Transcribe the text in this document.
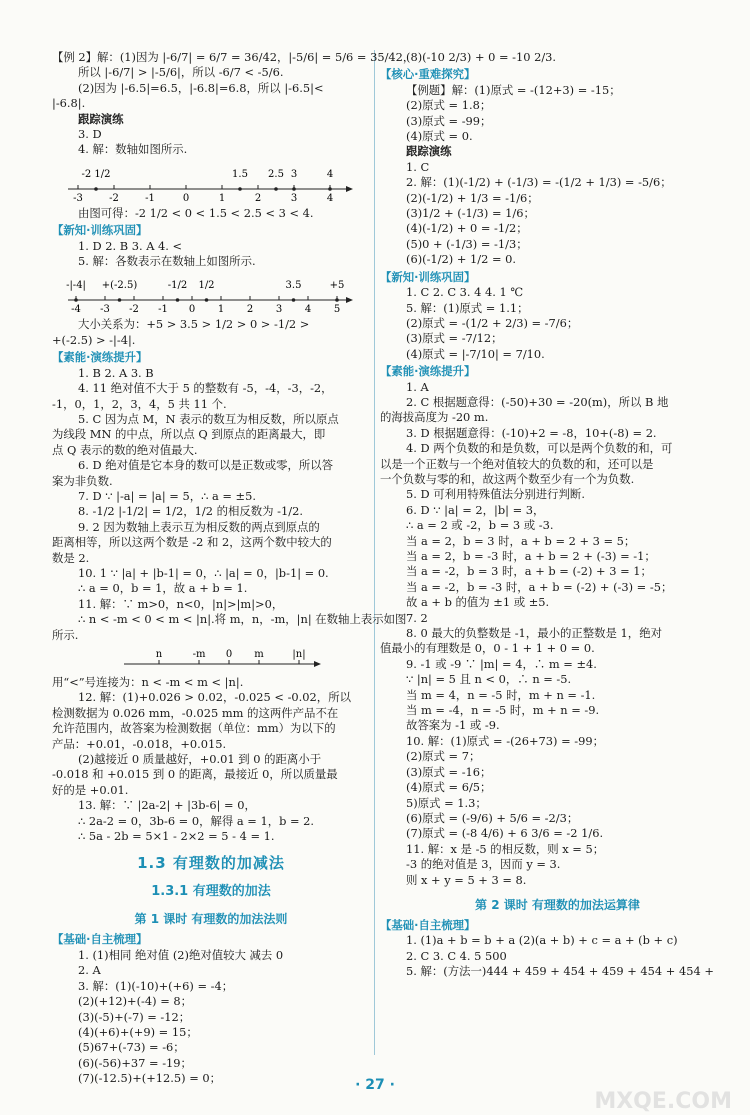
【例 2】解：(1)因为 |-6/7| = 6/7 = 36/42，|-5/6| = 5/6 = 35/42，
所以 |-6/7| > |-5/6|，所以 -6/7 < -5/6.
(2)因为 |-6.5|=6.5，|-6.8|=6.8，所以 |-6.5|<
|-6.8|.
跟踪演练
3. D
4. 解：数轴如图所示.
-3	-2	-1	0	1	2	3	4
-2 1/2	1.5 2.5 3	4
由图可得：-2 1/2 < 0 < 1.5 < 2.5 < 3 < 4.
【新知·训练巩固】
1. D 2. B 3. A 4. <
5. 解：各数表示在数轴上如图所示.
-4 -3 -2 -1 0 1 2 3 4 5
-|-4| +(-2.5)	-1/2 1/2	3.5	+5
大小关系为：+5 > 3.5 > 1/2 > 0 > -1/2 >
+(-2.5) > -|-4|.
【素能·演练提升】
1. B 2. A 3. B
4. 11 绝对值不大于 5 的整数有 -5，-4，-3，-2，
-1，0，1，2，3，4，5 共 11 个.
5. C 因为点 M，N 表示的数互为相反数，所以原点
为线段 MN 的中点，所以点 Q 到原点的距离最大，即
点 Q 表示的数的绝对值最大.
6. D 绝对值是它本身的数可以是正数或零，所以答
案为非负数.
7. D ∵ |-a| = |a| = 5，∴ a = ±5.
8. -1/2 |-1/2| = 1/2，1/2 的相反数为 -1/2.
9. 2 因为数轴上表示互为相反数的两点到原点的
距离相等，所以这两个数是 -2 和 2，这两个数中较大的
数是 2.
10. 1 ∵ |a| + |b-1| = 0，∴ |a| = 0，|b-1| = 0.
∴ a = 0，b = 1，故 a + b = 1.
11. 解：∵ m>0，n<0，|n|>|m|>0，
∴ n < -m < 0 < m < |n|.将 m，n，-m，|n| 在数轴上表示如图
所示.
n	-m 0 m	|n|
用“<”号连接为：n < -m < m < |n|.
12. 解：(1)+0.026 > 0.02，-0.025 < -0.02，所以
检测数据为 0.026 mm，-0.025 mm 的这两件产品不在
允许范围内，故答案为检测数据（单位：mm）为以下的
产品：+0.01，-0.018，+0.015.
(2)越接近 0 质量越好，+0.01 到 0 的距离小于
-0.018 和 +0.015 到 0 的距离，最接近 0，所以质量最
好的是 +0.01.
13. 解：∵ |2a-2| + |3b-6| = 0，
∴ 2a-2 = 0，3b-6 = 0，解得 a = 1，b = 2.
∴ 5a - 2b = 5×1 - 2×2 = 5 - 4 = 1.
1.3 有理数的加减法
1.3.1 有理数的加法
第 1 课时 有理数的加法法则
【基础·自主梳理】
1. (1)相同 绝对值 (2)绝对值较大 减去 0
2. A
3. 解：(1)(-10)+(+6) = -4；
(2)(+12)+(-4) = 8；
(3)(-5)+(-7) = -12；
(4)(+6)+(+9) = 15；
(5)67+(-73) = -6；
(6)(-56)+37 = -19；
(7)(-12.5)+(+12.5) = 0；
(8)(-10 2/3) + 0 = -10 2/3.
【核心·重难探究】
【例题】解：(1)原式 = -(12+3) = -15；
(2)原式 = 1.8；
(3)原式 = -99；
(4)原式 = 0.
跟踪演练
1. C
2. 解：(1)(-1/2) + (-1/3) = -(1/2 + 1/3) = -5/6；
(2)(-1/2) + 1/3 = -1/6；
(3)1/2 + (-1/3) = 1/6；
(4)(-1/2) + 0 = -1/2；
(5)0 + (-1/3) = -1/3；
(6)(-1/2) + 1/2 = 0.
【新知·训练巩固】
1. C 2. C 3. 4 4. 1 ℃
5. 解：(1)原式 = 1.1；
(2)原式 = -(1/2 + 2/3) = -7/6；
(3)原式 = -7/12；
(4)原式 = |-7/10| = 7/10.
【素能·演练提升】
1. A
2. C 根据题意得：(-50)+30 = -20(m)，所以 B 地
的海拔高度为 -20 m.
3. D 根据题意得：(-10)+2 = -8，10+(-8) = 2.
4. D 两个负数的和是负数，可以是两个负数的和，可
以是一个正数与一个绝对值较大的负数的和，还可以是
一个负数与零的和，故这两个数至少有一个为负数.
5. D 可利用特殊值法分别进行判断.
6. D ∵ |a| = 2，|b| = 3，
∴ a = 2 或 -2，b = 3 或 -3.
当 a = 2，b = 3 时，a + b = 2 + 3 = 5；
当 a = 2，b = -3 时，a + b = 2 + (-3) = -1；
当 a = -2，b = 3 时，a + b = (-2) + 3 = 1；
当 a = -2，b = -3 时，a + b = (-2) + (-3) = -5；
故 a + b 的值为 ±1 或 ±5.
7. 2
8. 0 最大的负整数是 -1，最小的正整数是 1，绝对
值最小的有理数是 0，0 - 1 + 1 + 0 = 0.
9. -1 或 -9 ∵ |m| = 4，∴ m = ±4.
∵ |n| = 5 且 n < 0，∴ n = -5.
当 m = 4，n = -5 时，m + n = -1.
当 m = -4，n = -5 时，m + n = -9.
故答案为 -1 或 -9.
10. 解：(1)原式 = -(26+73) = -99；
(2)原式 = 7；
(3)原式 = -16；
(4)原式 = 6/5；
5)原式 = 1.3；
(6)原式 = (-9/6) + 5/6 = -2/3；
(7)原式 = (-8 4/6) + 6 3/6 = -2 1/6.
11. 解：x 是 -5 的相反数，则 x = 5；
-3 的绝对值是 3，因而 y = 3.
则 x + y = 5 + 3 = 8.
第 2 课时 有理数的加法运算律
【基础·自主梳理】
1. (1)a + b = b + a (2)(a + b) + c = a + (b + c)
2. C 3. C 4. 5 500
5. 解：(方法一)444 + 459 + 454 + 459 + 454 + 454 +
· 27 ·
MXQE.COM
